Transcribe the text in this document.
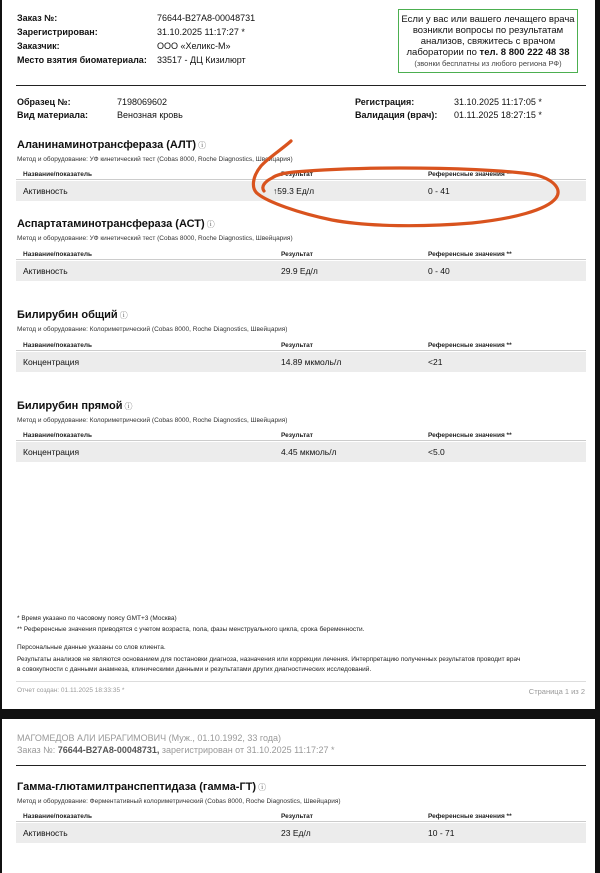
Заказ №:	76644-B27A8-00048731
Зарегистрирован:	31.10.2025 11:17:27 *
Заказчик:	ООО «Хеликс-М»
Место взятия биоматериала: 33517 - ДЦ Кизилюрт
Если у вас или вашего лечащего врача
возникли вопросы по результатам
анализов, свяжитесь с врачом
лаборатории по тел. 8 800 222 48 38
(звонки бесплатны из любого региона РФ)
Образец №:	7198069602
Вид материала:	Венозная кровь
Регистрация:	31.10.2025 11:17:05 *
Валидация (врач): 01.11.2025 18:27:15 *
Аланинаминотрансфераза (АЛТ) ⓘ
Метод и оборудование: УФ кинетический тест (Cobas 8000, Roche Diagnostics, Швейцария)
Название/показатель	Результат	Референсные значения **
Активность	↑59.3 Ед/л	0 - 41
Аспартатаминотрансфераза (АСТ) ⓘ
Метод и оборудование: УФ кинетический тест (Cobas 8000, Roche Diagnostics, Швейцария)
Название/показатель	Результат	Референсные значения **
Активность	29.9 Ед/л	0 - 40
Билирубин общий ⓘ
Метод и оборудование: Колориметрический (Cobas 8000, Roche Diagnostics, Швейцария)
Название/показатель	Результат	Референсные значения **
Концентрация	14.89 мкмоль/л	<21
Билирубин прямой ⓘ
Метод и оборудование: Колориметрический (Cobas 8000, Roche Diagnostics, Швейцария)
Название/показатель	Результат	Референсные значения **
Концентрация	4.45 мкмоль/л	<5.0
* Время указано по часовому поясу GMT+3 (Москва)
** Референсные значения приводятся с учетом возраста, пола, фазы менструального цикла, срока беременности.
Персональные данные указаны со слов клиента.
Результаты анализов не являются основанием для постановки диагноза, назначения или коррекции лечения. Интерпретацию полученных результатов проводит врач
в совокупности с данными анамнеза, клиническими данными и результатами других диагностических исследований.
Отчет создан: 01.11.2025 18:33:35 *	Страница 1 из 2
МАГОМЕДОВ АЛИ ИБРАГИМОВИЧ (Муж., 01.10.1992, 33 года)
Заказ №: 76644-B27A8-00048731, зарегистрирован от 31.10.2025 11:17:27 *
Гамма-глютамилтранспептидаза (гамма-ГТ) ⓘ
Метод и оборудование: Ферментативный колориметрический (Cobas 8000, Roche Diagnostics, Швейцария)
Название/показатель	Результат	Референсные значения **
Активность	23 Ед/л	10 - 71
